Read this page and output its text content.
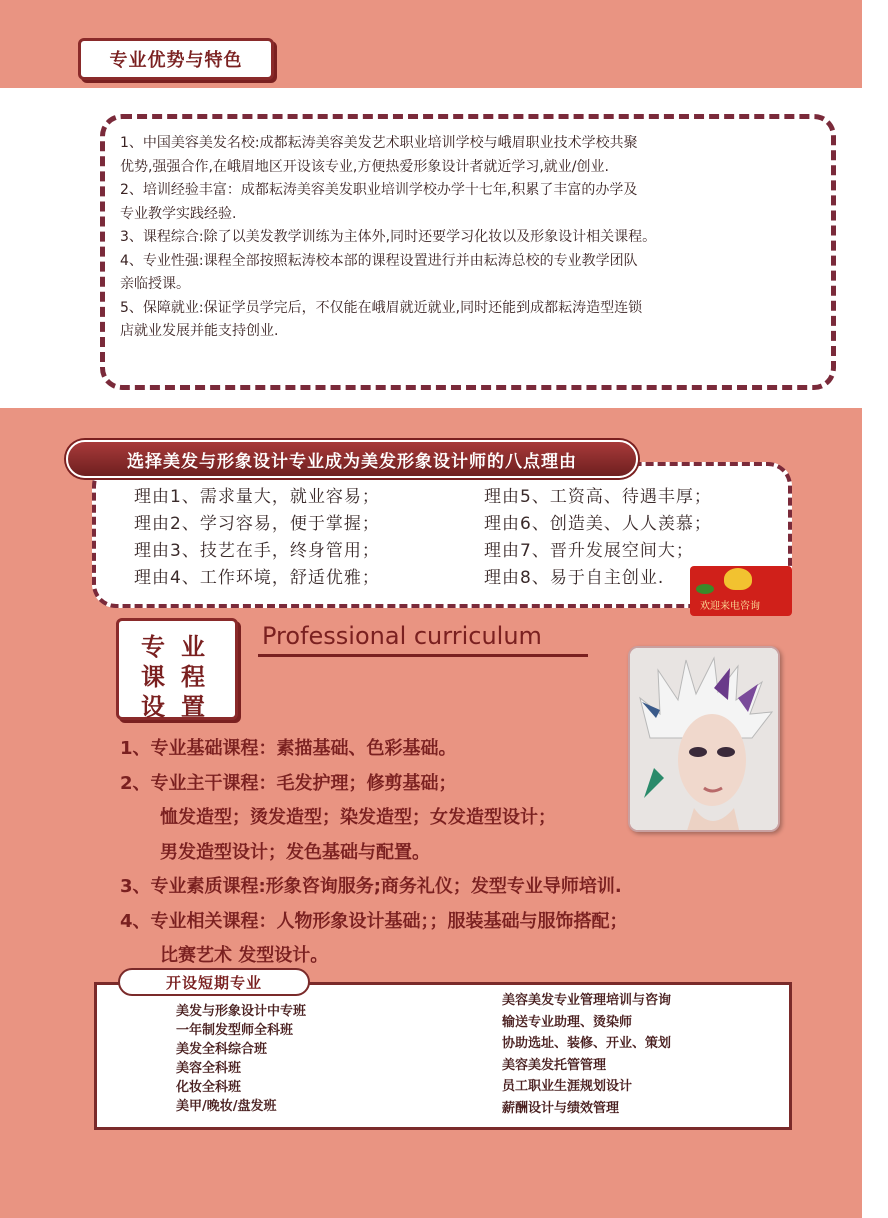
专业优势与特色

1、中国美容美发名校:成都耘涛美容美发艺术职业培训学校与峨眉职业技术学校共聚

优势,强强合作,在峨眉地区开设该专业,方便热爱形象设计者就近学习,就业/创业.

2、培训经验丰富：成都耘涛美容美发职业培训学校办学十七年,积累了丰富的办学及

专业教学实践经验.

3、课程综合:除了以美发教学训练为主体外,同时还要学习化妆以及形象设计相关课程。

4、专业性强:课程全部按照耘涛校本部的课程设置进行并由耘涛总校的专业教学团队

亲临授课。

5、保障就业:保证学员学完后，不仅能在峨眉就近就业,同时还能到成都耘涛造型连锁

店就业发展并能支持创业.

选择美发与形象设计专业成为美发形象设计师的八点理由

理由1、需求量大，就业容易；

理由2、学习容易，便于掌握；

理由3、技艺在手，终身管用；

理由4、工作环境，舒适优雅；

理由5、工资高、待遇丰厚；

理由6、创造美、人人羡慕；

理由7、晋升发展空间大；

理由8、易于自主创业.

欢迎来电咨询
专业
课程
设置
Professional curriculum

1、专业基础课程：素描基础、色彩基础。

2、专业主干课程：毛发护理；修剪基础；

恤发造型；烫发造型；染发造型；女发造型设计；

男发造型设计；发色基础与配置。

3、专业素质课程:形象咨询服务;商务礼仪；发型专业导师培训.

4、专业相关课程：人物形象设计基础；；服装基础与服饰搭配；

比赛艺术 发型设计。

开设短期专业

美发与形象设计中专班

一年制发型师全科班

美发全科综合班

美容全科班

化妆全科班

美甲/晚妆/盘发班

美容美发专业管理培训与咨询

输送专业助理、烫染师

协助选址、装修、开业、策划

美容美发托管管理

员工职业生涯规划设计

薪酬设计与绩效管理
